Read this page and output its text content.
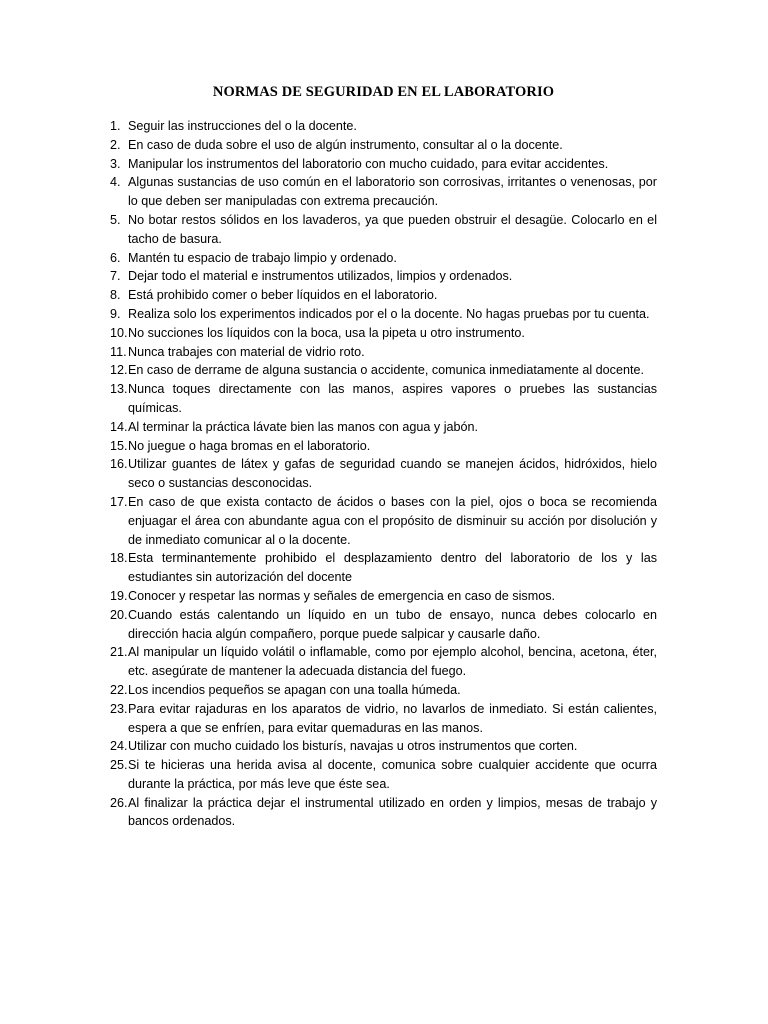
NORMAS DE SEGURIDAD EN EL LABORATORIO
1. Seguir las instrucciones del o la docente.
2. En caso de duda sobre el uso de algún instrumento, consultar al o la docente.
3. Manipular los instrumentos del laboratorio con mucho cuidado, para evitar accidentes.
4. Algunas sustancias de uso común en el laboratorio son corrosivas, irritantes o venenosas, por lo que deben ser manipuladas con extrema precaución.
5. No botar restos sólidos en los lavaderos, ya que pueden obstruir el desagüe. Colocarlo en el tacho de basura.
6. Mantén tu espacio de trabajo limpio y ordenado.
7. Dejar todo el material e instrumentos utilizados, limpios y ordenados.
8. Está prohibido comer o beber líquidos en el laboratorio.
9. Realiza solo los experimentos indicados por el o la docente. No hagas pruebas por tu cuenta.
10. No succiones los líquidos con la boca, usa la pipeta u otro instrumento.
11. Nunca trabajes con material de vidrio roto.
12. En caso de derrame de alguna sustancia o accidente, comunica inmediatamente al docente.
13. Nunca toques directamente con las manos, aspires vapores o pruebes las sustancias químicas.
14. Al terminar la práctica lávate bien las manos con agua y jabón.
15. No juegue o haga bromas en el laboratorio.
16. Utilizar guantes de látex y gafas de seguridad cuando se manejen ácidos, hidróxidos, hielo seco o sustancias desconocidas.
17. En caso de que exista contacto de ácidos o bases con la piel, ojos o boca se recomienda enjuagar el área con abundante agua con el propósito de disminuir su acción por disolución y de inmediato comunicar al o la docente.
18. Esta terminantemente prohibido el desplazamiento dentro del laboratorio de los y las estudiantes sin autorización del docente
19. Conocer y respetar las normas y señales de emergencia en caso de sismos.
20. Cuando estás calentando un líquido en un tubo de ensayo, nunca debes colocarlo en dirección hacia algún compañero, porque puede salpicar y causarle daño.
21. Al manipular un líquido volátil o inflamable, como por ejemplo alcohol, bencina, acetona, éter, etc. asegúrate de mantener la adecuada distancia del fuego.
22. Los incendios pequeños se apagan con una toalla húmeda.
23. Para evitar rajaduras en los aparatos de vidrio, no lavarlos de inmediato. Si están calientes, espera a que se enfríen, para evitar quemaduras en las manos.
24. Utilizar con mucho cuidado los bisturís, navajas u otros instrumentos que corten.
25. Si te hicieras una herida avisa al docente, comunica sobre cualquier accidente que ocurra durante la práctica, por más leve que éste sea.
26. Al finalizar la práctica dejar el instrumental utilizado en orden y limpios, mesas de trabajo y bancos ordenados.
